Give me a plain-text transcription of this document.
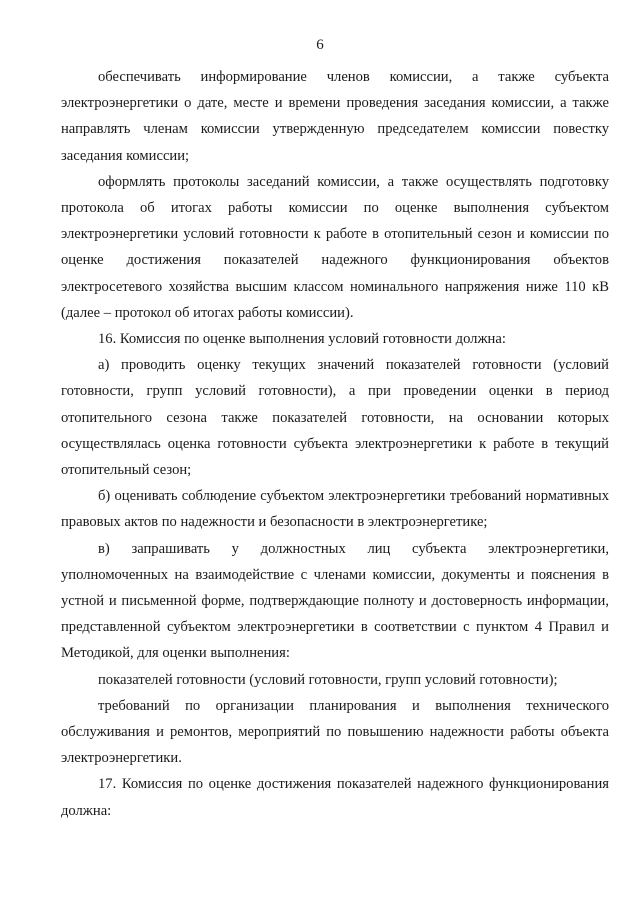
6

обеспечивать информирование членов комиссии, а также субъекта электроэнергетики о дате, месте и времени проведения заседания комиссии, а также направлять членам комиссии утвержденную председателем комиссии повестку заседания комиссии;

оформлять протоколы заседаний комиссии, а также осуществлять подготовку протокола об итогах работы комиссии по оценке выполнения субъектом электроэнергетики условий готовности к работе в отопительный сезон и комиссии по оценке достижения показателей надежного функционирования объектов электросетевого хозяйства высшим классом номинального напряжения ниже 110 кВ (далее – протокол об итогах работы комиссии).

16. Комиссия по оценке выполнения условий готовности должна:

а) проводить оценку текущих значений показателей готовности (условий готовности, групп условий готовности), а при проведении оценки в период отопительного сезона также показателей готовности, на основании которых осуществлялась оценка готовности субъекта электроэнергетики к работе в текущий отопительный сезон;

б) оценивать соблюдение субъектом электроэнергетики требований нормативных правовых актов по надежности и безопасности в электроэнергетике;

в) запрашивать у должностных лиц субъекта электроэнергетики, уполномоченных на взаимодействие с членами комиссии, документы и пояснения в устной и письменной форме, подтверждающие полноту и достоверность информации, представленной субъектом электроэнергетики в соответствии с пунктом 4 Правил и Методикой, для оценки выполнения:

показателей готовности (условий готовности, групп условий готовности);

требований по организации планирования и выполнения технического обслуживания и ремонтов, мероприятий по повышению надежности работы объекта электроэнергетики.

17. Комиссия по оценке достижения показателей надежного функционирования должна:
